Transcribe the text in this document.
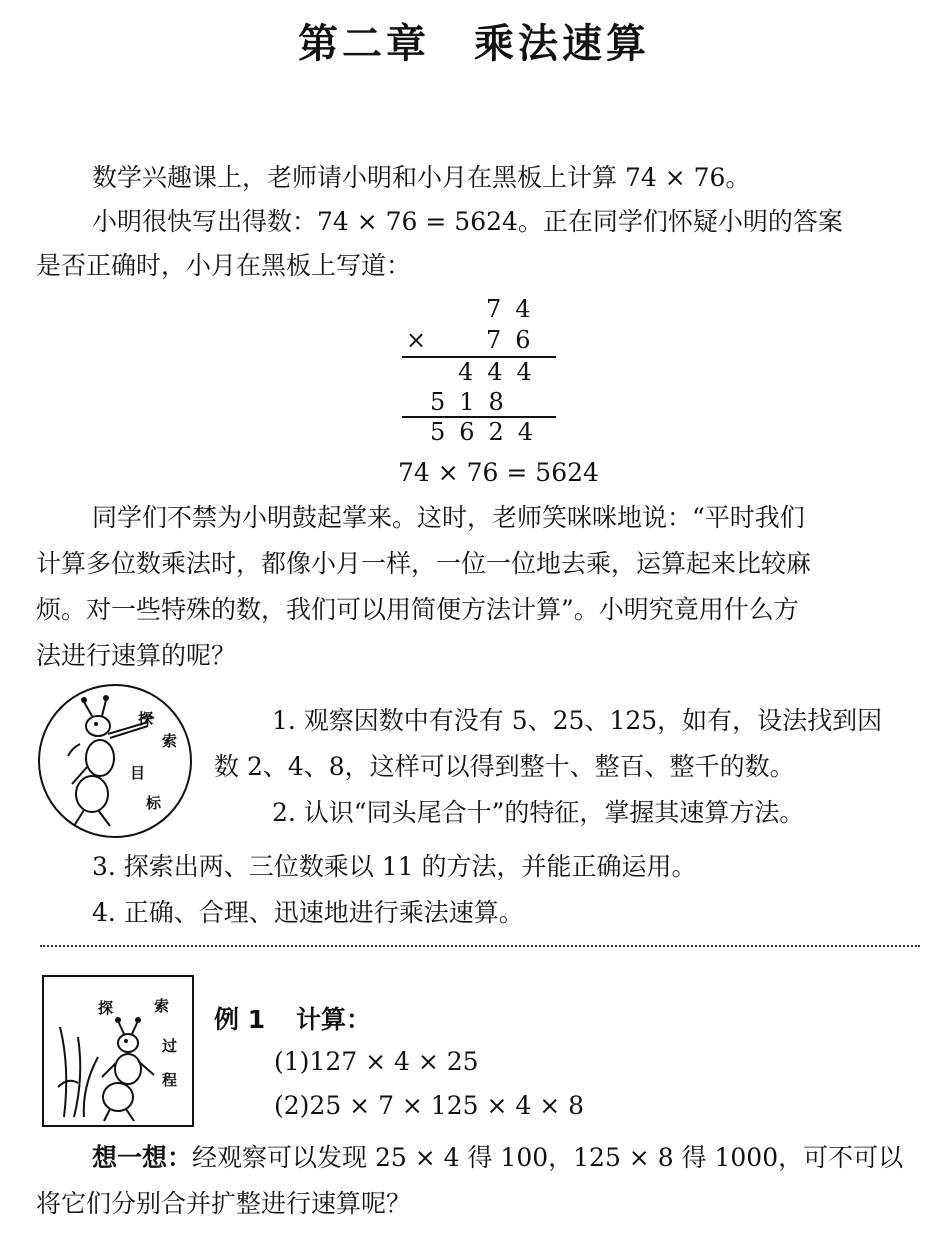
第二章　乘法速算
数学兴趣课上，老师请小明和小月在黑板上计算 74 × 76。
小明很快写出得数：74 × 76 = 5624。正在同学们怀疑小明的答案
是否正确时，小月在黑板上写道：
74
× 76
444
518
5624
74 × 76 = 5624
同学们不禁为小明鼓起掌来。这时，老师笑咪咪地说：“平时我们
计算多位数乘法时，都像小月一样，一位一位地去乘，运算起来比较麻
烦。对一些特殊的数，我们可以用简便方法计算”。小明究竟用什么方
法进行速算的呢？
探
索
目
标
1. 观察因数中有没有 5、25、125，如有，设法找到因
数 2、4、8，这样可以得到整十、整百、整千的数。
2. 认识“同头尾合十”的特征，掌握其速算方法。
3. 探索出两、三位数乘以 11 的方法，并能正确运用。
4. 正确、合理、迅速地进行乘法速算。
探	索
过
程
例 1 计算：
(1)127 × 4 × 25
(2)25 × 7 × 125 × 4 × 8
想一想：经观察可以发现 25 × 4 得 100，125 × 8 得 1000，可不可以
将它们分别合并扩整进行速算呢？
